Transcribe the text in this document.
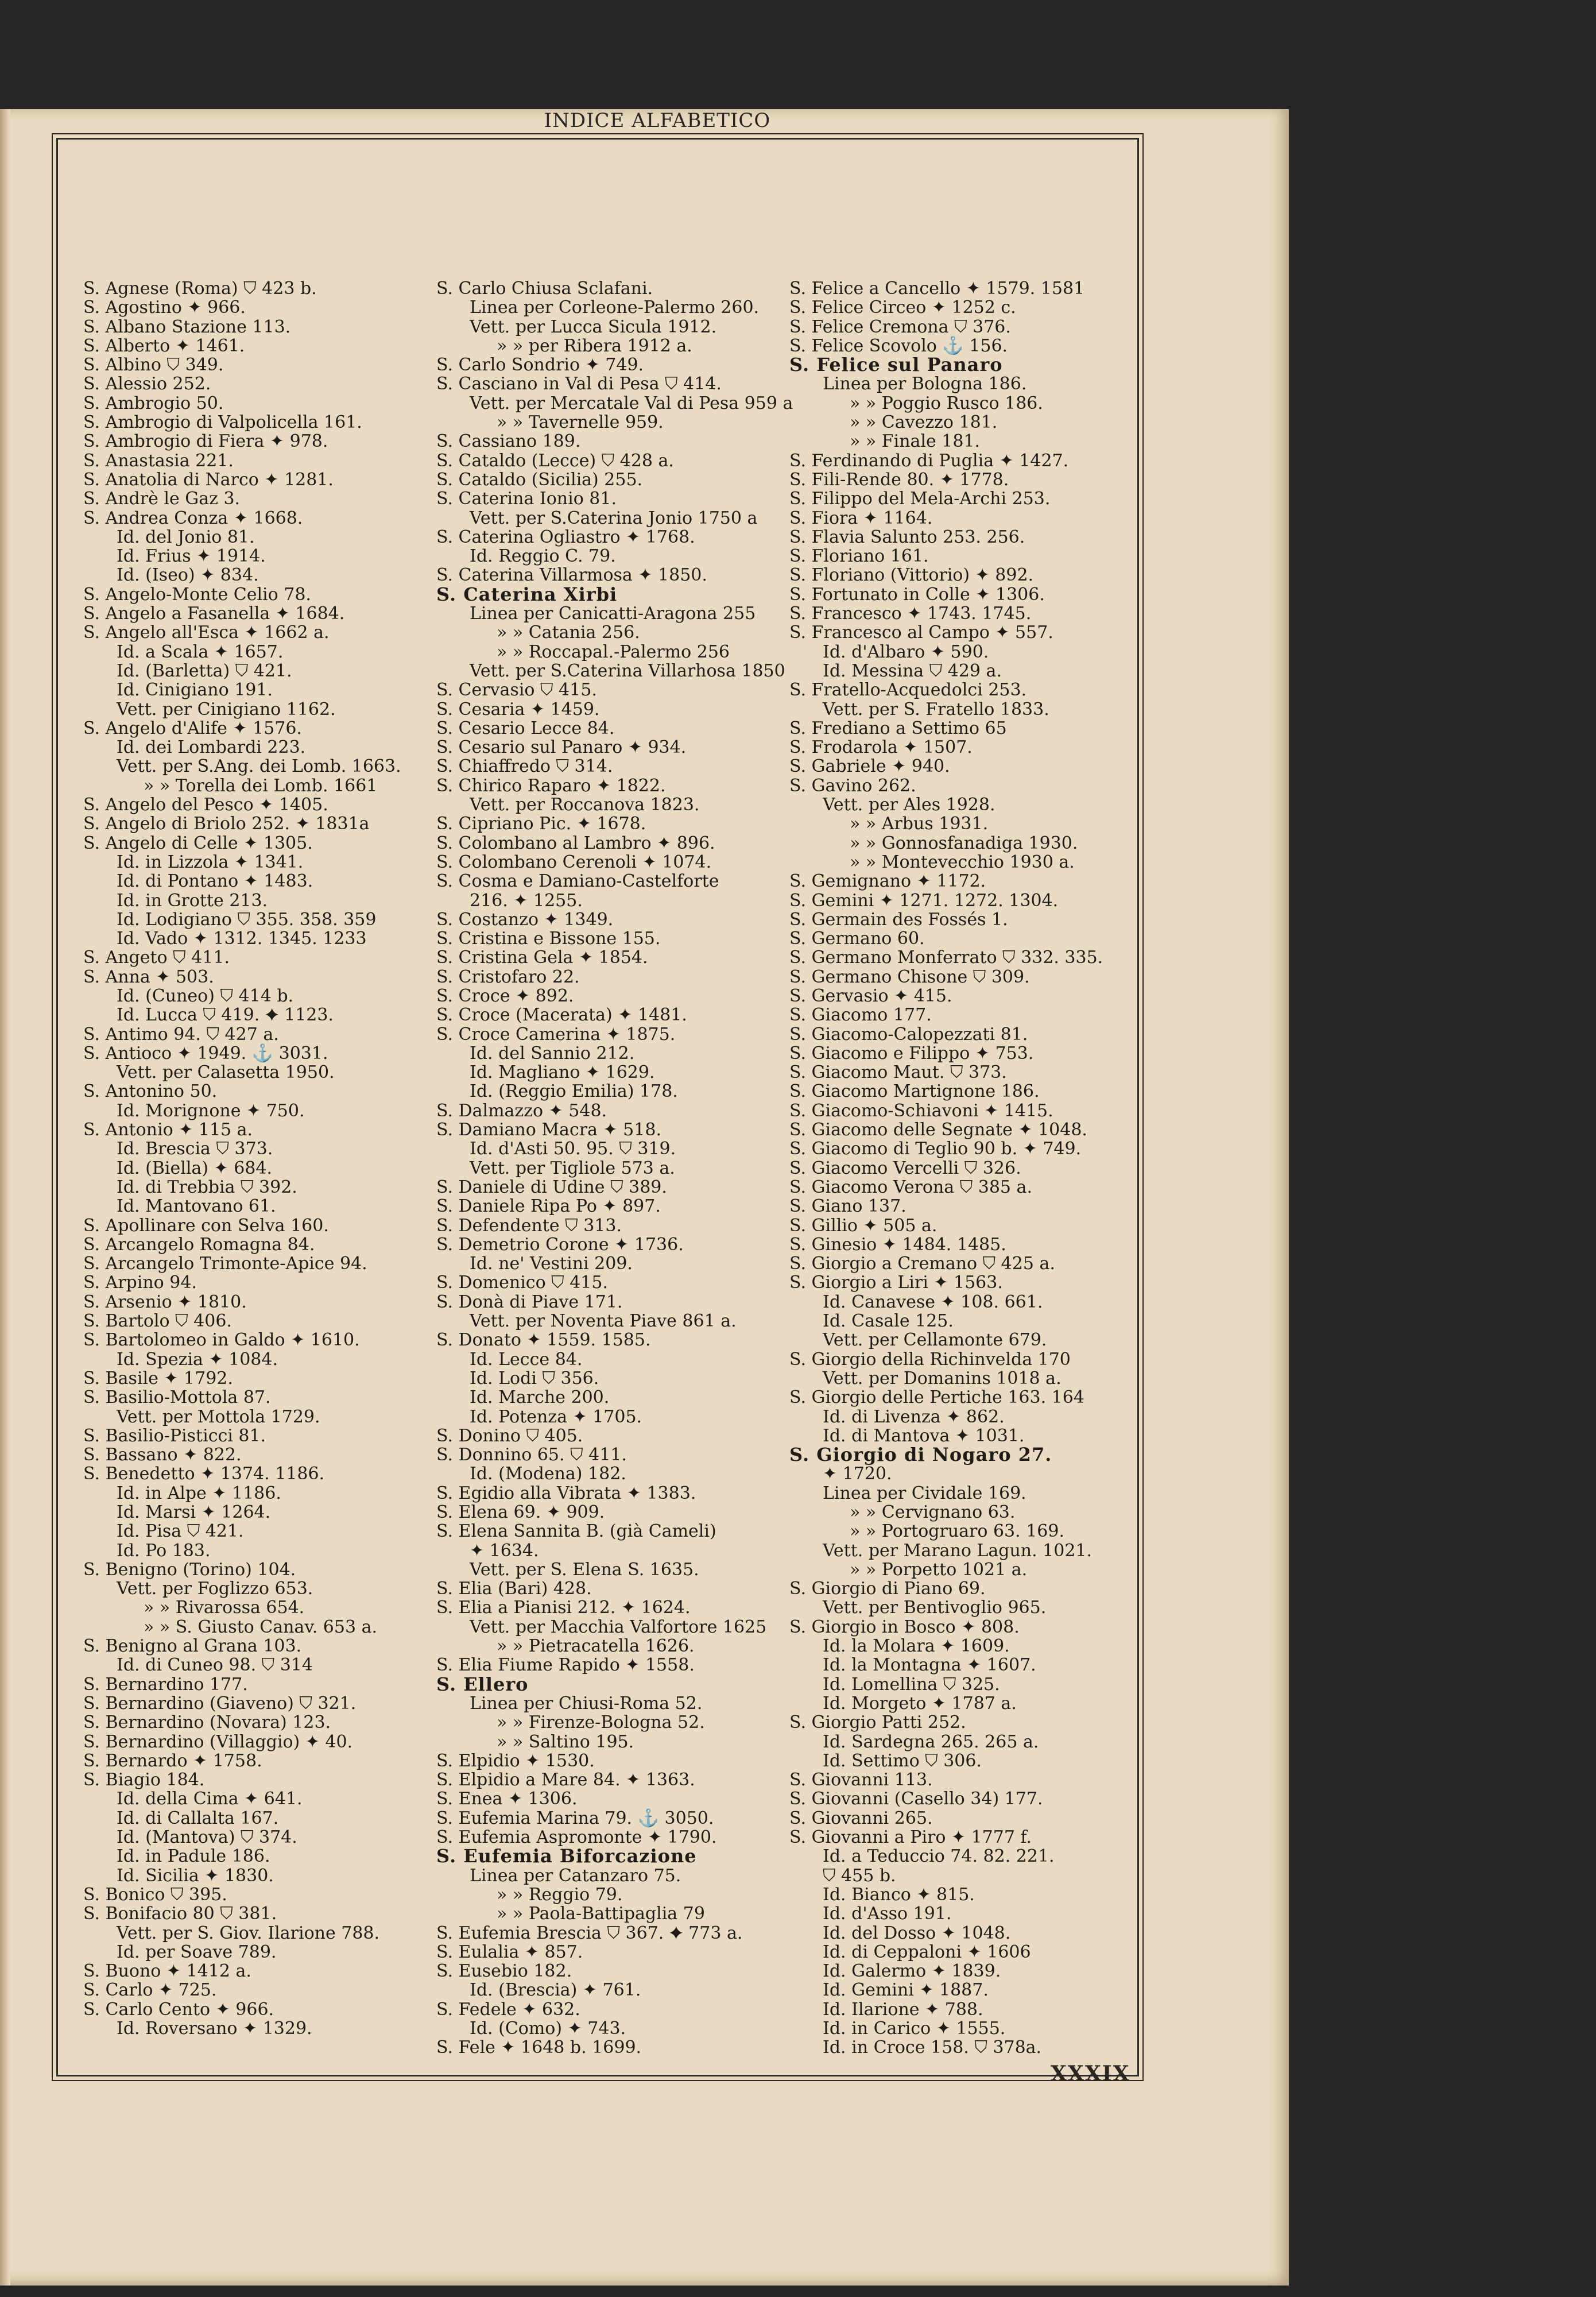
INDICE ALFABETICO
S. Agnese (Roma) ⛉ 423 b.
S. Agostino ✦ 966.
S. Albano Stazione 113.
S. Alberto ✦ 1461.
S. Albino ⛉ 349.
S. Alessio 252.
S. Ambrogio 50.
S. Ambrogio di Valpolicella 161.
S. Ambrogio di Fiera ✦ 978.
S. Anastasia 221.
S. Anatolia di Narco ✦ 1281.
S. Andrè le Gaz 3.
S. Andrea Conza ✦ 1668.
Id. del Jonio 81.
Id. Frius ✦ 1914.
Id. (Iseo) ✦ 834.
S. Angelo-Monte Celio 78.
S. Angelo a Fasanella ✦ 1684.
S. Angelo all'Esca ✦ 1662 a.
Id. a Scala ✦ 1657.
Id. (Barletta) ⛉ 421.
Id. Cinigiano 191.
Vett. per Cinigiano 1162.
S. Angelo d'Alife ✦ 1576.
Id. dei Lombardi 223.
Vett. per S.Ang. dei Lomb. 1663.
» » Torella dei Lomb. 1661
S. Angelo del Pesco ✦ 1405.
S. Angelo di Briolo 252. ✦ 1831a
S. Angelo di Celle ✦ 1305.
Id. in Lizzola ✦ 1341.
Id. di Pontano ✦ 1483.
Id. in Grotte 213.
Id. Lodigiano ⛉ 355. 358. 359
Id. Vado ✦ 1312. 1345. 1233
S. Angeto ⛉ 411.
S. Anna ✦ 503.
Id. (Cuneo) ⛉ 414 b.
Id. Lucca ⛉ 419. ✦ 1123.
S. Antimo 94. ⛉ 427 a.
S. Antioco ✦ 1949. ⚓ 3031.
Vett. per Calasetta 1950.
S. Antonino 50.
Id. Morignone ✦ 750.
S. Antonio ✦ 115 a.
Id. Brescia ⛉ 373.
Id. (Biella) ✦ 684.
Id. di Trebbia ⛉ 392.
Id. Mantovano 61.
S. Apollinare con Selva 160.
S. Arcangelo Romagna 84.
S. Arcangelo Trimonte-Apice 94.
S. Arpino 94.
S. Arsenio ✦ 1810.
S. Bartolo ⛉ 406.
S. Bartolomeo in Galdo ✦ 1610.
Id. Spezia ✦ 1084.
S. Basile ✦ 1792.
S. Basilio-Mottola 87.
Vett. per Mottola 1729.
S. Basilio-Pisticci 81.
S. Bassano ✦ 822.
S. Benedetto ✦ 1374. 1186.
Id. in Alpe ✦ 1186.
Id. Marsi ✦ 1264.
Id. Pisa ⛉ 421.
Id. Po 183.
S. Benigno (Torino) 104.
Vett. per Foglizzo 653.
» » Rivarossa 654.
» » S. Giusto Canav. 653 a.
S. Benigno al Grana 103.
Id. di Cuneo 98. ⛉ 314
S. Bernardino 177.
S. Bernardino (Giaveno) ⛉ 321.
S. Bernardino (Novara) 123.
S. Bernardino (Villaggio) ✦ 40.
S. Bernardo ✦ 1758.
S. Biagio 184.
Id. della Cima ✦ 641.
Id. di Callalta 167.
Id. (Mantova) ⛉ 374.
Id. in Padule 186.
Id. Sicilia ✦ 1830.
S. Bonico ⛉ 395.
S. Bonifacio 80 ⛉ 381.
Vett. per S. Giov. Ilarione 788.
Id. per Soave 789.
S. Buono ✦ 1412 a.
S. Carlo ✦ 725.
S. Carlo Cento ✦ 966.
Id. Roversano ✦ 1329.
S. Carlo Chiusa Sclafani.
Linea per Corleone-Palermo 260.
Vett. per Lucca Sicula 1912.
» » per Ribera 1912 a.
S. Carlo Sondrio ✦ 749.
S. Casciano in Val di Pesa ⛉ 414.
Vett. per Mercatale Val di Pesa 959 a
» » Tavernelle 959.
S. Cassiano 189.
S. Cataldo (Lecce) ⛉ 428 a.
S. Cataldo (Sicilia) 255.
S. Caterina Ionio 81.
Vett. per S.Caterina Jonio 1750 a
S. Caterina Ogliastro ✦ 1768.
Id. Reggio C. 79.
S. Caterina Villarmosa ✦ 1850.
S. Caterina Xirbi
Linea per Canicatti-Aragona 255
» » Catania 256.
» » Roccapal.-Palermo 256
Vett. per S.Caterina Villarhosa 1850
S. Cervasio ⛉ 415.
S. Cesaria ✦ 1459.
S. Cesario Lecce 84.
S. Cesario sul Panaro ✦ 934.
S. Chiaffredo ⛉ 314.
S. Chirico Raparo ✦ 1822.
Vett. per Roccanova 1823.
S. Cipriano Pic. ✦ 1678.
S. Colombano al Lambro ✦ 896.
S. Colombano Cerenoli ✦ 1074.
S. Cosma e Damiano-Castelforte
216. ✦ 1255.
S. Costanzo ✦ 1349.
S. Cristina e Bissone 155.
S. Cristina Gela ✦ 1854.
S. Cristofaro 22.
S. Croce ✦ 892.
S. Croce (Macerata) ✦ 1481.
S. Croce Camerina ✦ 1875.
Id. del Sannio 212.
Id. Magliano ✦ 1629.
Id. (Reggio Emilia) 178.
S. Dalmazzo ✦ 548.
S. Damiano Macra ✦ 518.
Id. d'Asti 50. 95. ⛉ 319.
Vett. per Tigliole 573 a.
S. Daniele di Udine ⛉ 389.
S. Daniele Ripa Po ✦ 897.
S. Defendente ⛉ 313.
S. Demetrio Corone ✦ 1736.
Id. ne' Vestini 209.
S. Domenico ⛉ 415.
S. Donà di Piave 171.
Vett. per Noventa Piave 861 a.
S. Donato ✦ 1559. 1585.
Id. Lecce 84.
Id. Lodi ⛉ 356.
Id. Marche 200.
Id. Potenza ✦ 1705.
S. Donino ⛉ 405.
S. Donnino 65. ⛉ 411.
Id. (Modena) 182.
S. Egidio alla Vibrata ✦ 1383.
S. Elena 69. ✦ 909.
S. Elena Sannita B. (già Cameli)
✦ 1634.
Vett. per S. Elena S. 1635.
S. Elia (Bari) 428.
S. Elia a Pianisi 212. ✦ 1624.
Vett. per Macchia Valfortore 1625
» » Pietracatella 1626.
S. Elia Fiume Rapido ✦ 1558.
S. Ellero
Linea per Chiusi-Roma 52.
» » Firenze-Bologna 52.
» » Saltino 195.
S. Elpidio ✦ 1530.
S. Elpidio a Mare 84. ✦ 1363.
S. Enea ✦ 1306.
S. Eufemia Marina 79. ⚓ 3050.
S. Eufemia Aspromonte ✦ 1790.
S. Eufemia Biforcazione
Linea per Catanzaro 75.
» » Reggio 79.
» » Paola-Battipaglia 79
S. Eufemia Brescia ⛉ 367. ✦ 773 a.
S. Eulalia ✦ 857.
S. Eusebio 182.
Id. (Brescia) ✦ 761.
S. Fedele ✦ 632.
Id. (Como) ✦ 743.
S. Fele ✦ 1648 b. 1699.
S. Felice a Cancello ✦ 1579. 1581
S. Felice Circeo ✦ 1252 c.
S. Felice Cremona ⛉ 376.
S. Felice Scovolo ⚓ 156.
S. Felice sul Panaro
Linea per Bologna 186.
» » Poggio Rusco 186.
» » Cavezzo 181.
» » Finale 181.
S. Ferdinando di Puglia ✦ 1427.
S. Fili-Rende 80. ✦ 1778.
S. Filippo del Mela-Archi 253.
S. Fiora ✦ 1164.
S. Flavia Salunto 253. 256.
S. Floriano 161.
S. Floriano (Vittorio) ✦ 892.
S. Fortunato in Colle ✦ 1306.
S. Francesco ✦ 1743. 1745.
S. Francesco al Campo ✦ 557.
Id. d'Albaro ✦ 590.
Id. Messina ⛉ 429 a.
S. Fratello-Acquedolci 253.
Vett. per S. Fratello 1833.
S. Frediano a Settimo 65
S. Frodarola ✦ 1507.
S. Gabriele ✦ 940.
S. Gavino 262.
Vett. per Ales 1928.
» » Arbus 1931.
» » Gonnosfanadiga 1930.
» » Montevecchio 1930 a.
S. Gemignano ✦ 1172.
S. Gemini ✦ 1271. 1272. 1304.
S. Germain des Fossés 1.
S. Germano 60.
S. Germano Monferrato ⛉ 332. 335.
S. Germano Chisone ⛉ 309.
S. Gervasio ✦ 415.
S. Giacomo 177.
S. Giacomo-Calopezzati 81.
S. Giacomo e Filippo ✦ 753.
S. Giacomo Maut. ⛉ 373.
S. Giacomo Martignone 186.
S. Giacomo-Schiavoni ✦ 1415.
S. Giacomo delle Segnate ✦ 1048.
S. Giacomo di Teglio 90 b. ✦ 749.
S. Giacomo Vercelli ⛉ 326.
S. Giacomo Verona ⛉ 385 a.
S. Giano 137.
S. Gillio ✦ 505 a.
S. Ginesio ✦ 1484. 1485.
S. Giorgio a Cremano ⛉ 425 a.
S. Giorgio a Liri ✦ 1563.
Id. Canavese ✦ 108. 661.
Id. Casale 125.
Vett. per Cellamonte 679.
S. Giorgio della Richinvelda 170
Vett. per Domanins 1018 a.
S. Giorgio delle Pertiche 163. 164
Id. di Livenza ✦ 862.
Id. di Mantova ✦ 1031.
S. Giorgio di Nogaro 27.
✦ 1720.
Linea per Cividale 169.
» » Cervignano 63.
» » Portogruaro 63. 169.
Vett. per Marano Lagun. 1021.
» » Porpetto 1021 a.
S. Giorgio di Piano 69.
Vett. per Bentivoglio 965.
S. Giorgio in Bosco ✦ 808.
Id. la Molara ✦ 1609.
Id. la Montagna ✦ 1607.
Id. Lomellina ⛉ 325.
Id. Morgeto ✦ 1787 a.
S. Giorgio Patti 252.
Id. Sardegna 265. 265 a.
Id. Settimo ⛉ 306.
S. Giovanni 113.
S. Giovanni (Casello 34) 177.
S. Giovanni 265.
S. Giovanni a Piro ✦ 1777 f.
Id. a Teduccio 74. 82. 221.
⛉ 455 b.
Id. Bianco ✦ 815.
Id. d'Asso 191.
Id. del Dosso ✦ 1048.
Id. di Ceppaloni ✦ 1606
Id. Galermo ✦ 1839.
Id. Gemini ✦ 1887.
Id. Ilarione ✦ 788.
Id. in Carico ✦ 1555.
Id. in Croce 158. ⛉ 378a.
XXXIX
